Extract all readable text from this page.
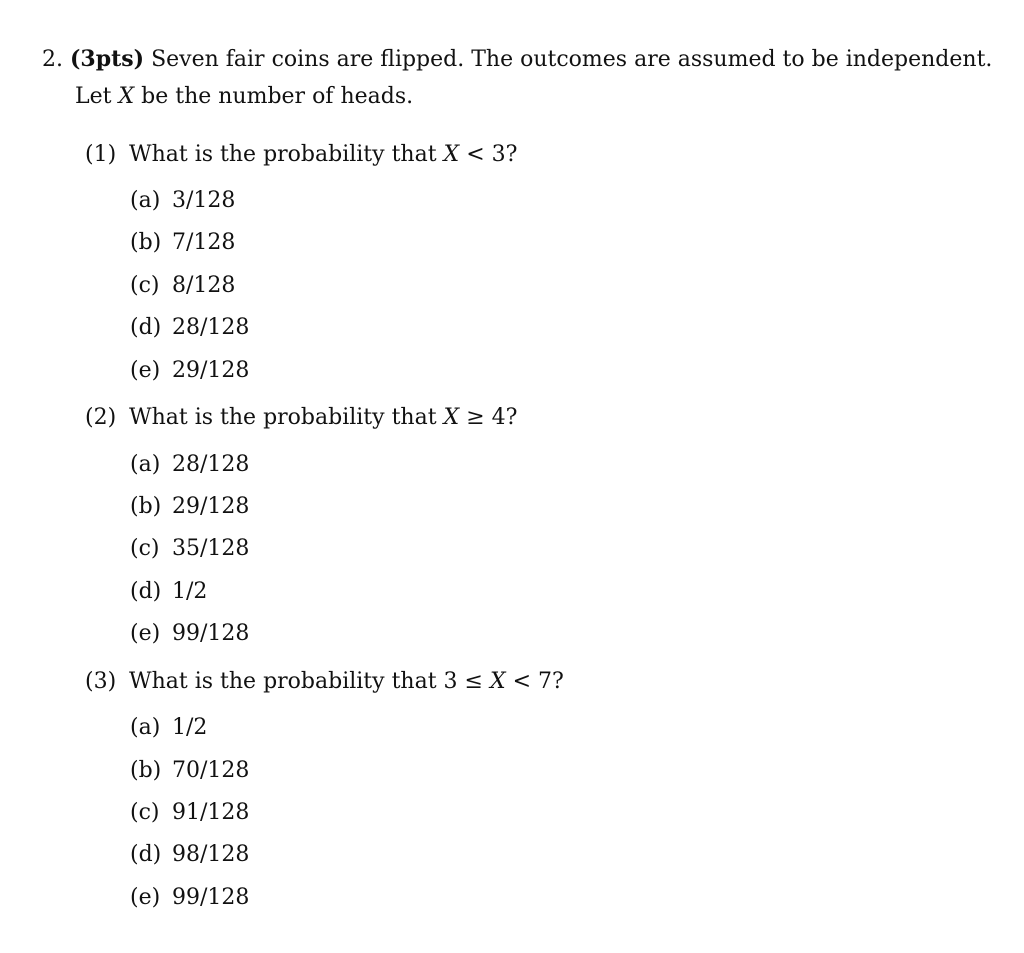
2. (3pts) Seven fair coins are flipped. The outcomes are assumed to be independent.
Let X be the number of heads.
(1) What is the probability that X < 3?
(a) 3/128
(b) 7/128
(c) 8/128
(d) 28/128
(e) 29/128
(2) What is the probability that X ≥ 4?
(a) 28/128
(b) 29/128
(c) 35/128
(d) 1/2
(e) 99/128
(3) What is the probability that 3 ≤ X < 7?
(a) 1/2
(b) 70/128
(c) 91/128
(d) 98/128
(e) 99/128
